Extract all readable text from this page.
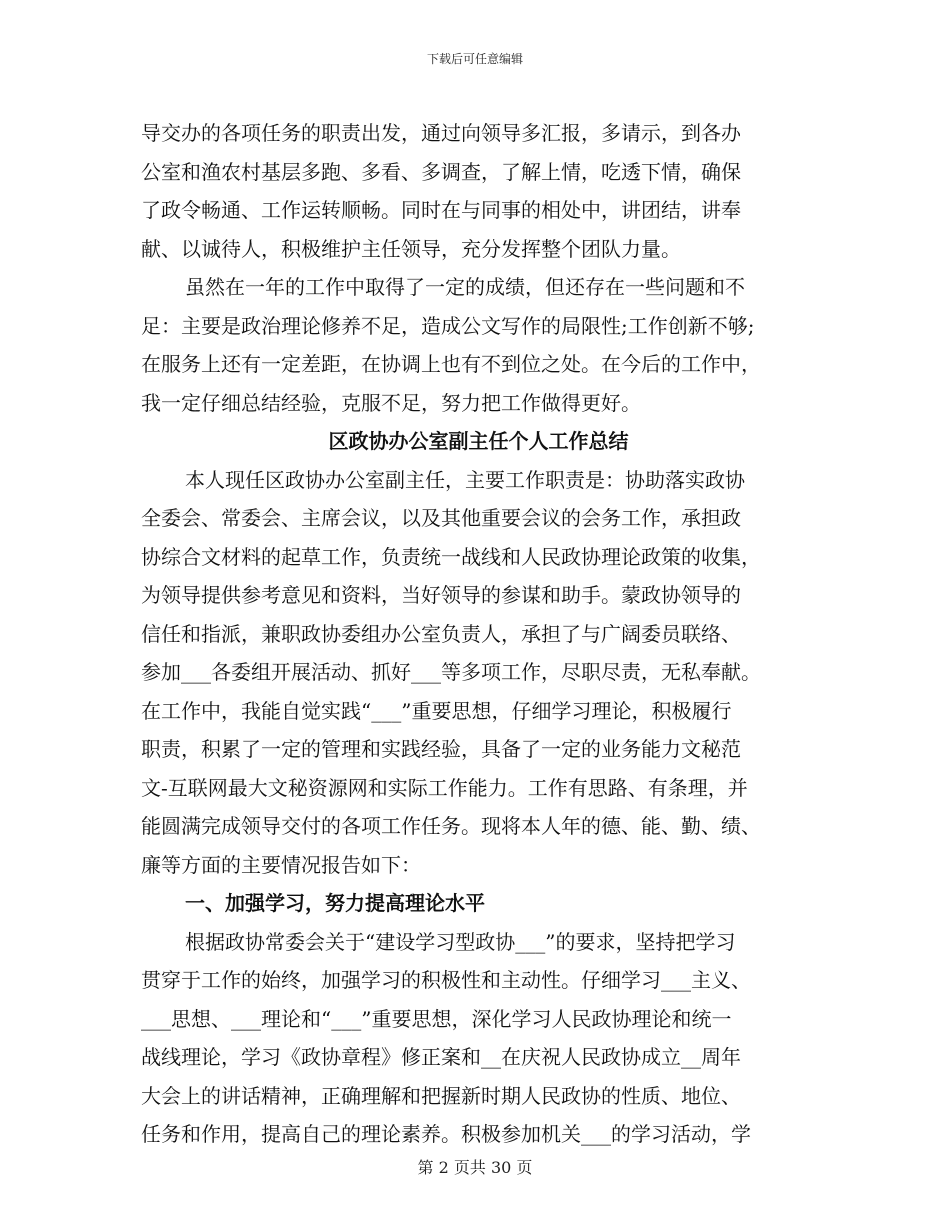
下载后可任意编辑
导交办的各项任务的职责出发，通过向领导多汇报，多请示，到各办
公室和渔农村基层多跑、多看、多调查，了解上情，吃透下情，确保
了政令畅通、工作运转顺畅。同时在与同事的相处中，讲团结，讲奉
献、以诚待人，积极维护主任领导，充分发挥整个团队力量。
虽然在一年的工作中取得了一定的成绩，但还存在一些问题和不
足：主要是政治理论修养不足，造成公文写作的局限性;工作创新不够;
在服务上还有一定差距，在协调上也有不到位之处。在今后的工作中，
我一定仔细总结经验，克服不足，努力把工作做得更好。
区政协办公室副主任个人工作总结
本人现任区政协办公室副主任，主要工作职责是：协助落实政协
全委会、常委会、主席会议，以及其他重要会议的会务工作，承担政
协综合文材料的起草工作，负责统一战线和人民政协理论政策的收集，
为领导提供参考意见和资料，当好领导的参谋和助手。蒙政协领导的
信任和指派，兼职政协委组办公室负责人，承担了与广阔委员联络、
参加___各委组开展活动、抓好___等多项工作，尽职尽责，无私奉献。
在工作中，我能自觉实践“___”重要思想，仔细学习理论，积极履行
职责，积累了一定的管理和实践经验，具备了一定的业务能力文秘范
文-互联网最大文秘资源网和实际工作能力。工作有思路、有条理，并
能圆满完成领导交付的各项工作任务。现将本人年的德、能、勤、绩、
廉等方面的主要情况报告如下：
一、加强学习，努力提高理论水平
根据政协常委会关于“建设学习型政协___”的要求，坚持把学习
贯穿于工作的始终，加强学习的积极性和主动性。仔细学习___主义、
___思想、___理论和“___”重要思想，深化学习人民政协理论和统一
战线理论，学习《政协章程》修正案和__在庆祝人民政协成立__周年
大会上的讲话精神，正确理解和把握新时期人民政协的性质、地位、
任务和作用，提高自己的理论素养。积极参加机关___的学习活动，学
第 2 页共 30 页
